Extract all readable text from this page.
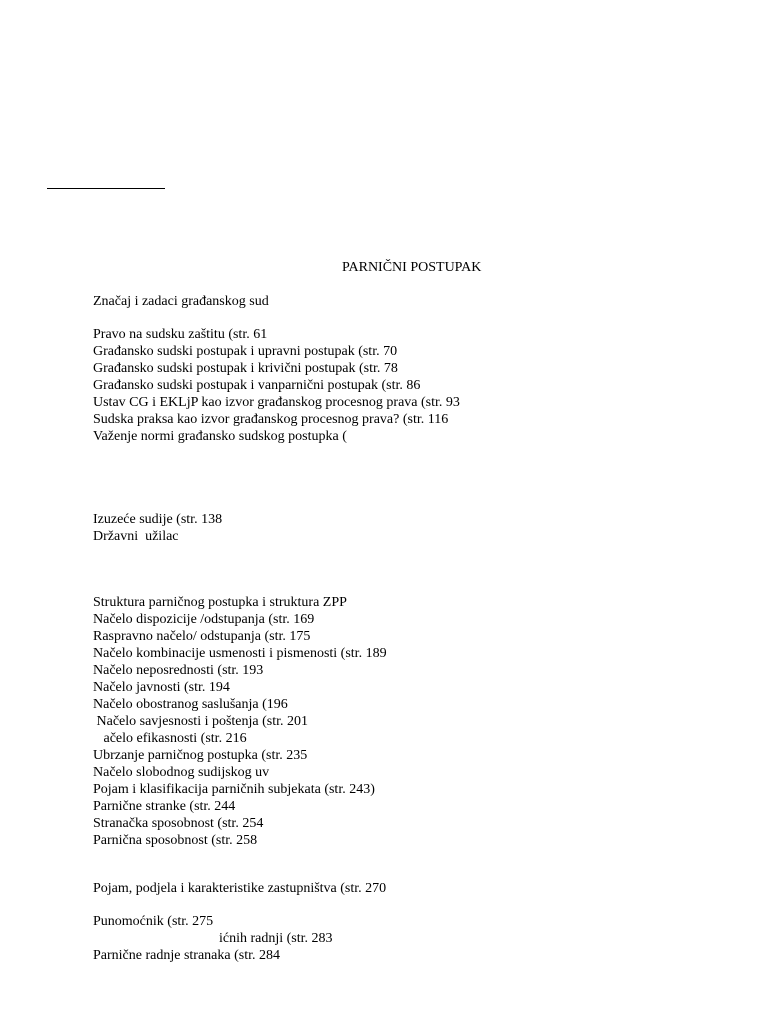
PARNIČNI POSTUPAK
Značaj i zadaci građanskog sud
Pravo na sudsku zaštitu (str. 61
Građansko sudski postupak i upravni postupak (str. 70
Građansko sudski postupak i krivični postupak (str. 78
Građansko sudski postupak i vanparnični postupak (str. 86
Ustav CG i EKLjP kao izvor građanskog procesnog prava (str. 93
Sudska praksa kao izvor građanskog procesnog prava? (str. 116
Važenje normi građansko sudskog postupka (
Izuzeće sudije (str. 138
Državni  užilac
Struktura parničnog postupka i struktura ZPP
Načelo dispozicije /odstupanja (str. 169
Raspravno načelo/ odstupanja (str. 175
Načelo kombinacije usmenosti i pismenosti (str. 189
Načelo neposrednosti (str. 193
Načelo javnosti (str. 194
Načelo obostranog saslušanja (196
Načelo savjesnosti i poštenja (str. 201
ačelo efikasnosti (str. 216
Ubrzanje parničnog postupka (str. 235
Načelo slobodnog sudijskog uv
Pojam i klasifikacija parničnih subjekata (str. 243)
Parnične stranke (str. 244
Stranačka sposobnost (str. 254
Parnična sposobnost (str. 258
Pojam, podjela i karakteristike zastupništva (str. 270
Punomoćnik (str. 275
ićnih radnji (str. 283
Parnične radnje stranaka (str. 284
